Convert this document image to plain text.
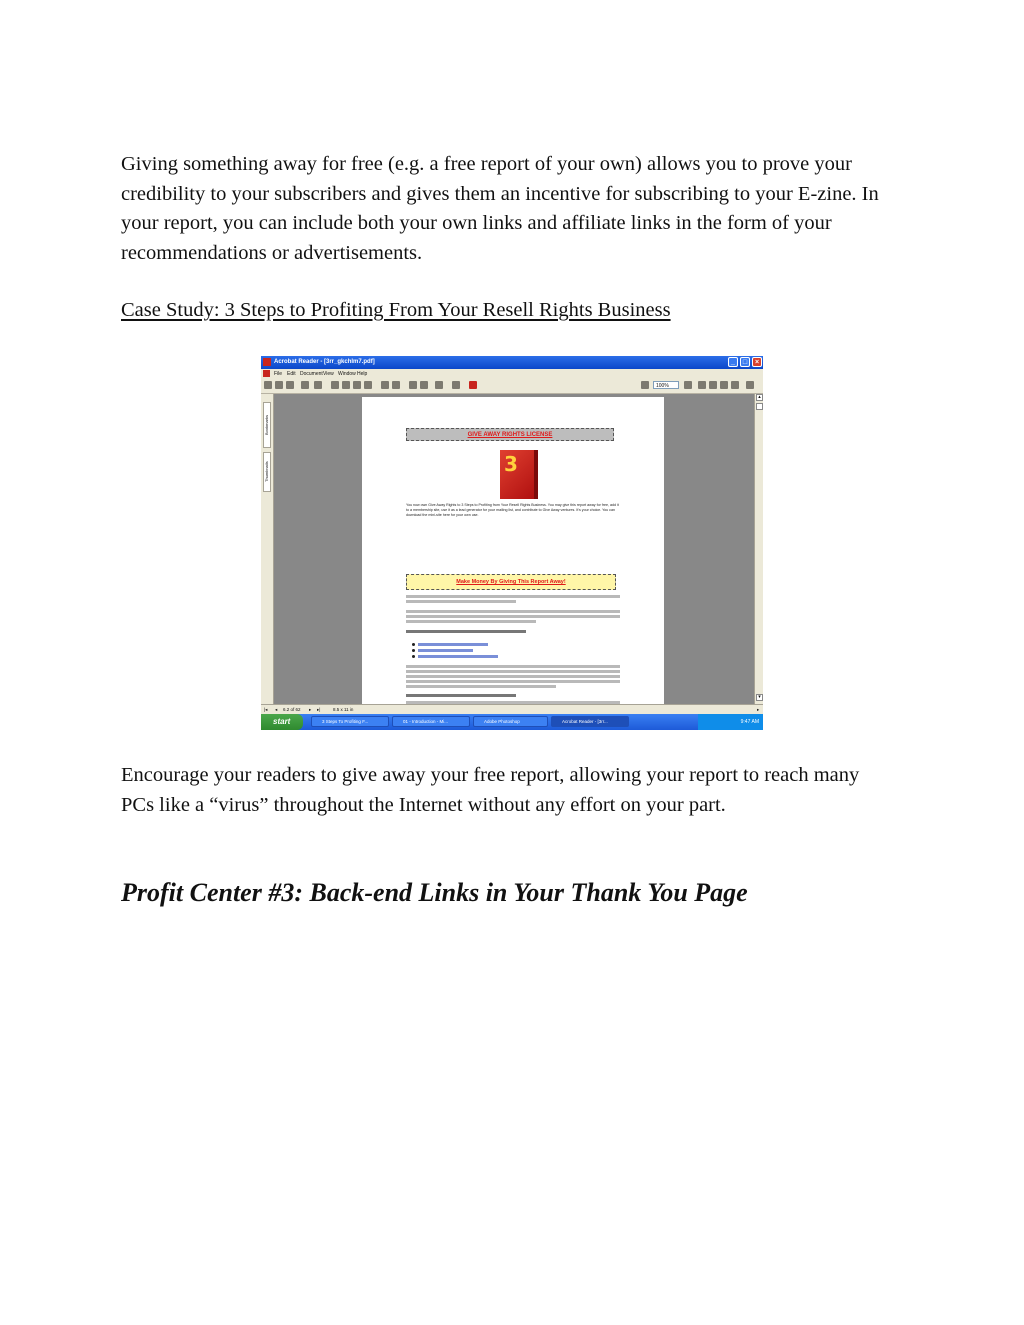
Giving something away for free (e.g. a free report of your own) allows you to prove your credibility to your subscribers and gives them an incentive for subscribing to your E-zine. In your report, you can include both your own links and affiliate links in the form of your recommendations or advertisements.

Case Study: 3 Steps to Profiting From Your Resell Rights Business
Acrobat Reader - [3rr_gkchlm7.pdf]	_	□	×
File Edit Document View Window Help
100%
Bookmarks
Thumbnails
▴
▾
GIVE AWAY RIGHTS LICENSE
3

You now own Give Away Rights to 3 Steps to Profiting from Your Resell Rights Business. You may give this report away for free, add it to a membership site, use it as a lead generator for your mailing list, and contribute to Give Away ventures. It's your choice. You can download the mini-site here for your own use.

Make Money By Giving This Report Away!
|◂ ◂ 6.2 of 62 ▸ ▸|	8.5 x 11 in	▸
start	3 Steps To Profiting F...	01 - Introduction - Mi...	Adobe Photoshop	Acrobat Reader - [3rr...	9:47 AM

Encourage your readers to give away your free report, allowing your report to reach many PCs like a “virus” throughout the Internet without any effort on your part.

Profit Center #3: Back-end Links in Your Thank You Page
